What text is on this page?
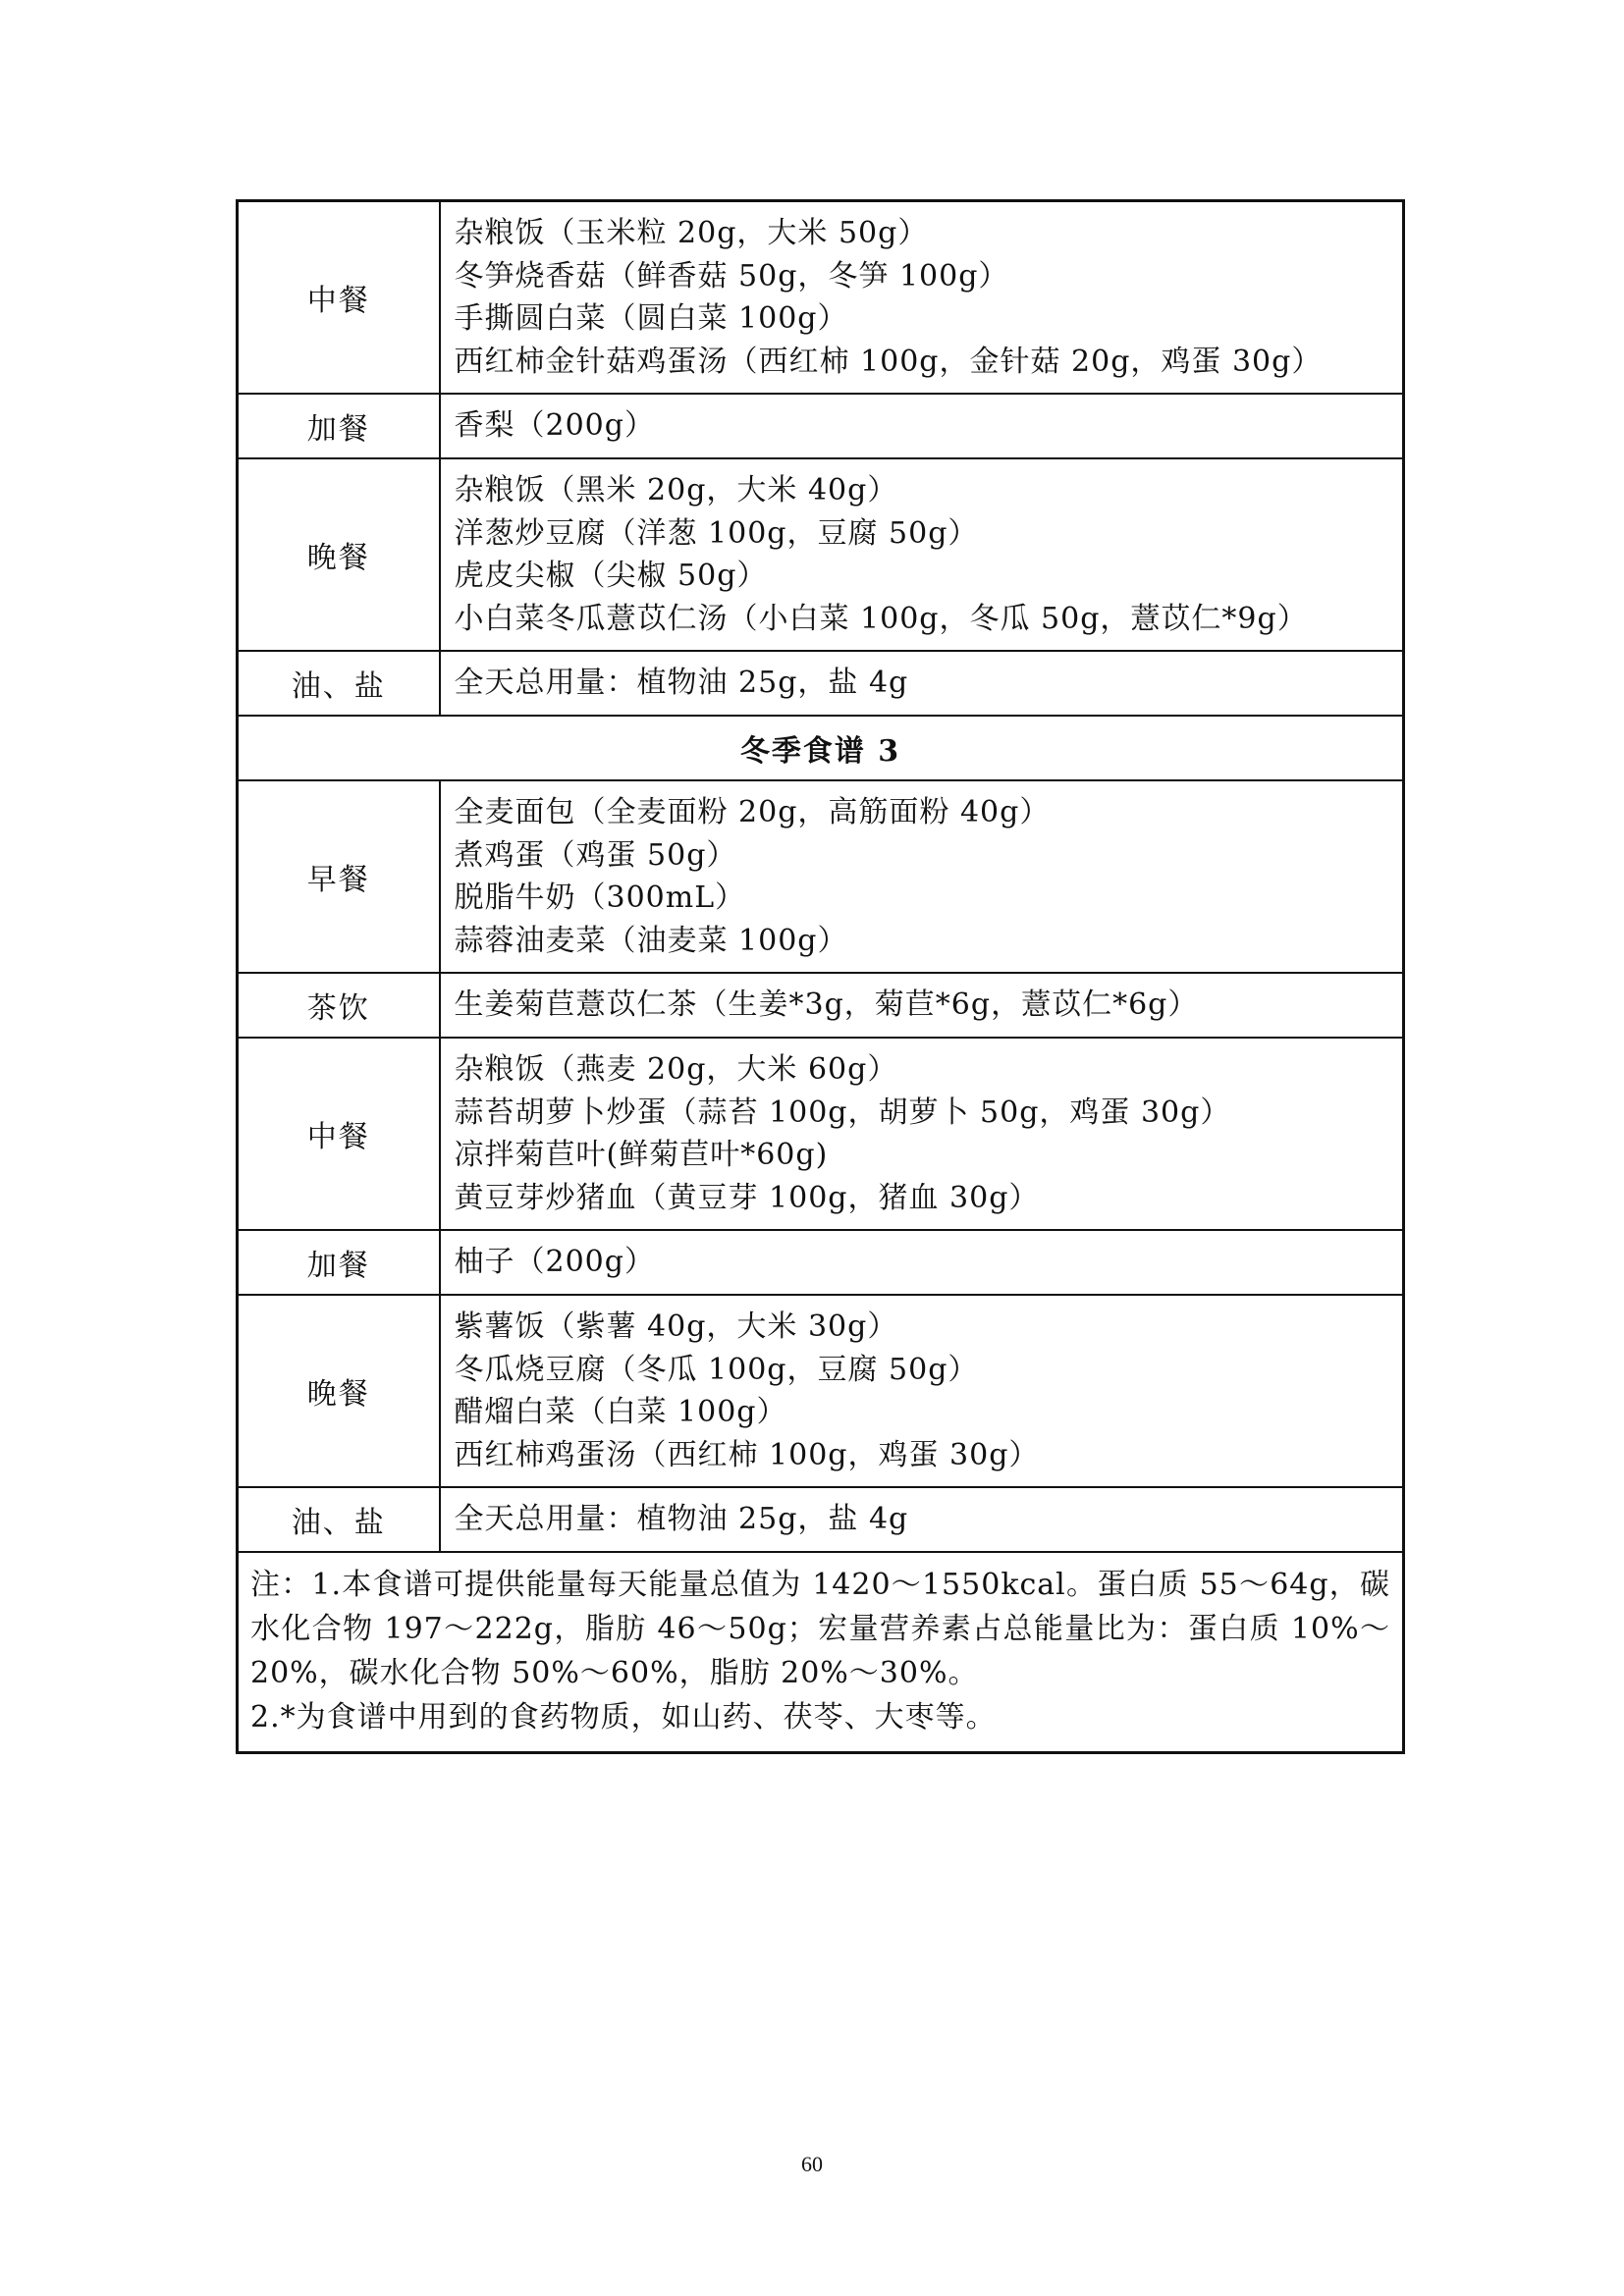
中餐	杂粮饭（玉米粒 20g，大米 50g）
冬笋烧香菇（鲜香菇 50g，冬笋 100g）
手撕圆白菜（圆白菜 100g）
西红柿金针菇鸡蛋汤（西红柿 100g，金针菇 20g，鸡蛋 30g）

加餐	香梨（200g）

晚餐	杂粮饭（黑米 20g，大米 40g）
洋葱炒豆腐（洋葱 100g，豆腐 50g）
虎皮尖椒（尖椒 50g）
小白菜冬瓜薏苡仁汤（小白菜 100g，冬瓜 50g，薏苡仁*9g）

油、盐	全天总用量：植物油 25g，盐 4g

冬季食谱 3	
早餐	全麦面包（全麦面粉 20g，高筋面粉 40g）
煮鸡蛋（鸡蛋 50g）
脱脂牛奶（300mL）
蒜蓉油麦菜（油麦菜 100g）

茶饮	生姜菊苣薏苡仁茶（生姜*3g，菊苣*6g，薏苡仁*6g）

中餐	杂粮饭（燕麦 20g，大米 60g）
蒜苔胡萝卜炒蛋（蒜苔 100g，胡萝卜 50g，鸡蛋 30g）
凉拌菊苣叶(鲜菊苣叶*60g)
黄豆芽炒猪血（黄豆芽 100g，猪血 30g）

加餐	柚子（200g）

晚餐	紫薯饭（紫薯 40g，大米 30g）
冬瓜烧豆腐（冬瓜 100g，豆腐 50g）
醋熘白菜（白菜 100g）
西红柿鸡蛋汤（西红柿 100g，鸡蛋 30g）

油、盐	全天总用量：植物油 25g，盐 4g

注：1.本食谱可提供能量每天能量总值为 1420～1550kcal。蛋白质 55～64g，碳水化合物 197～222g，脂肪 46～50g；宏量营养素占总能量比为：蛋白质 10%～20%，碳水化合物 50%～60%，脂肪 20%～30%。
2.*为食谱中用到的食药物质，如山药、茯苓、大枣等。	
60
